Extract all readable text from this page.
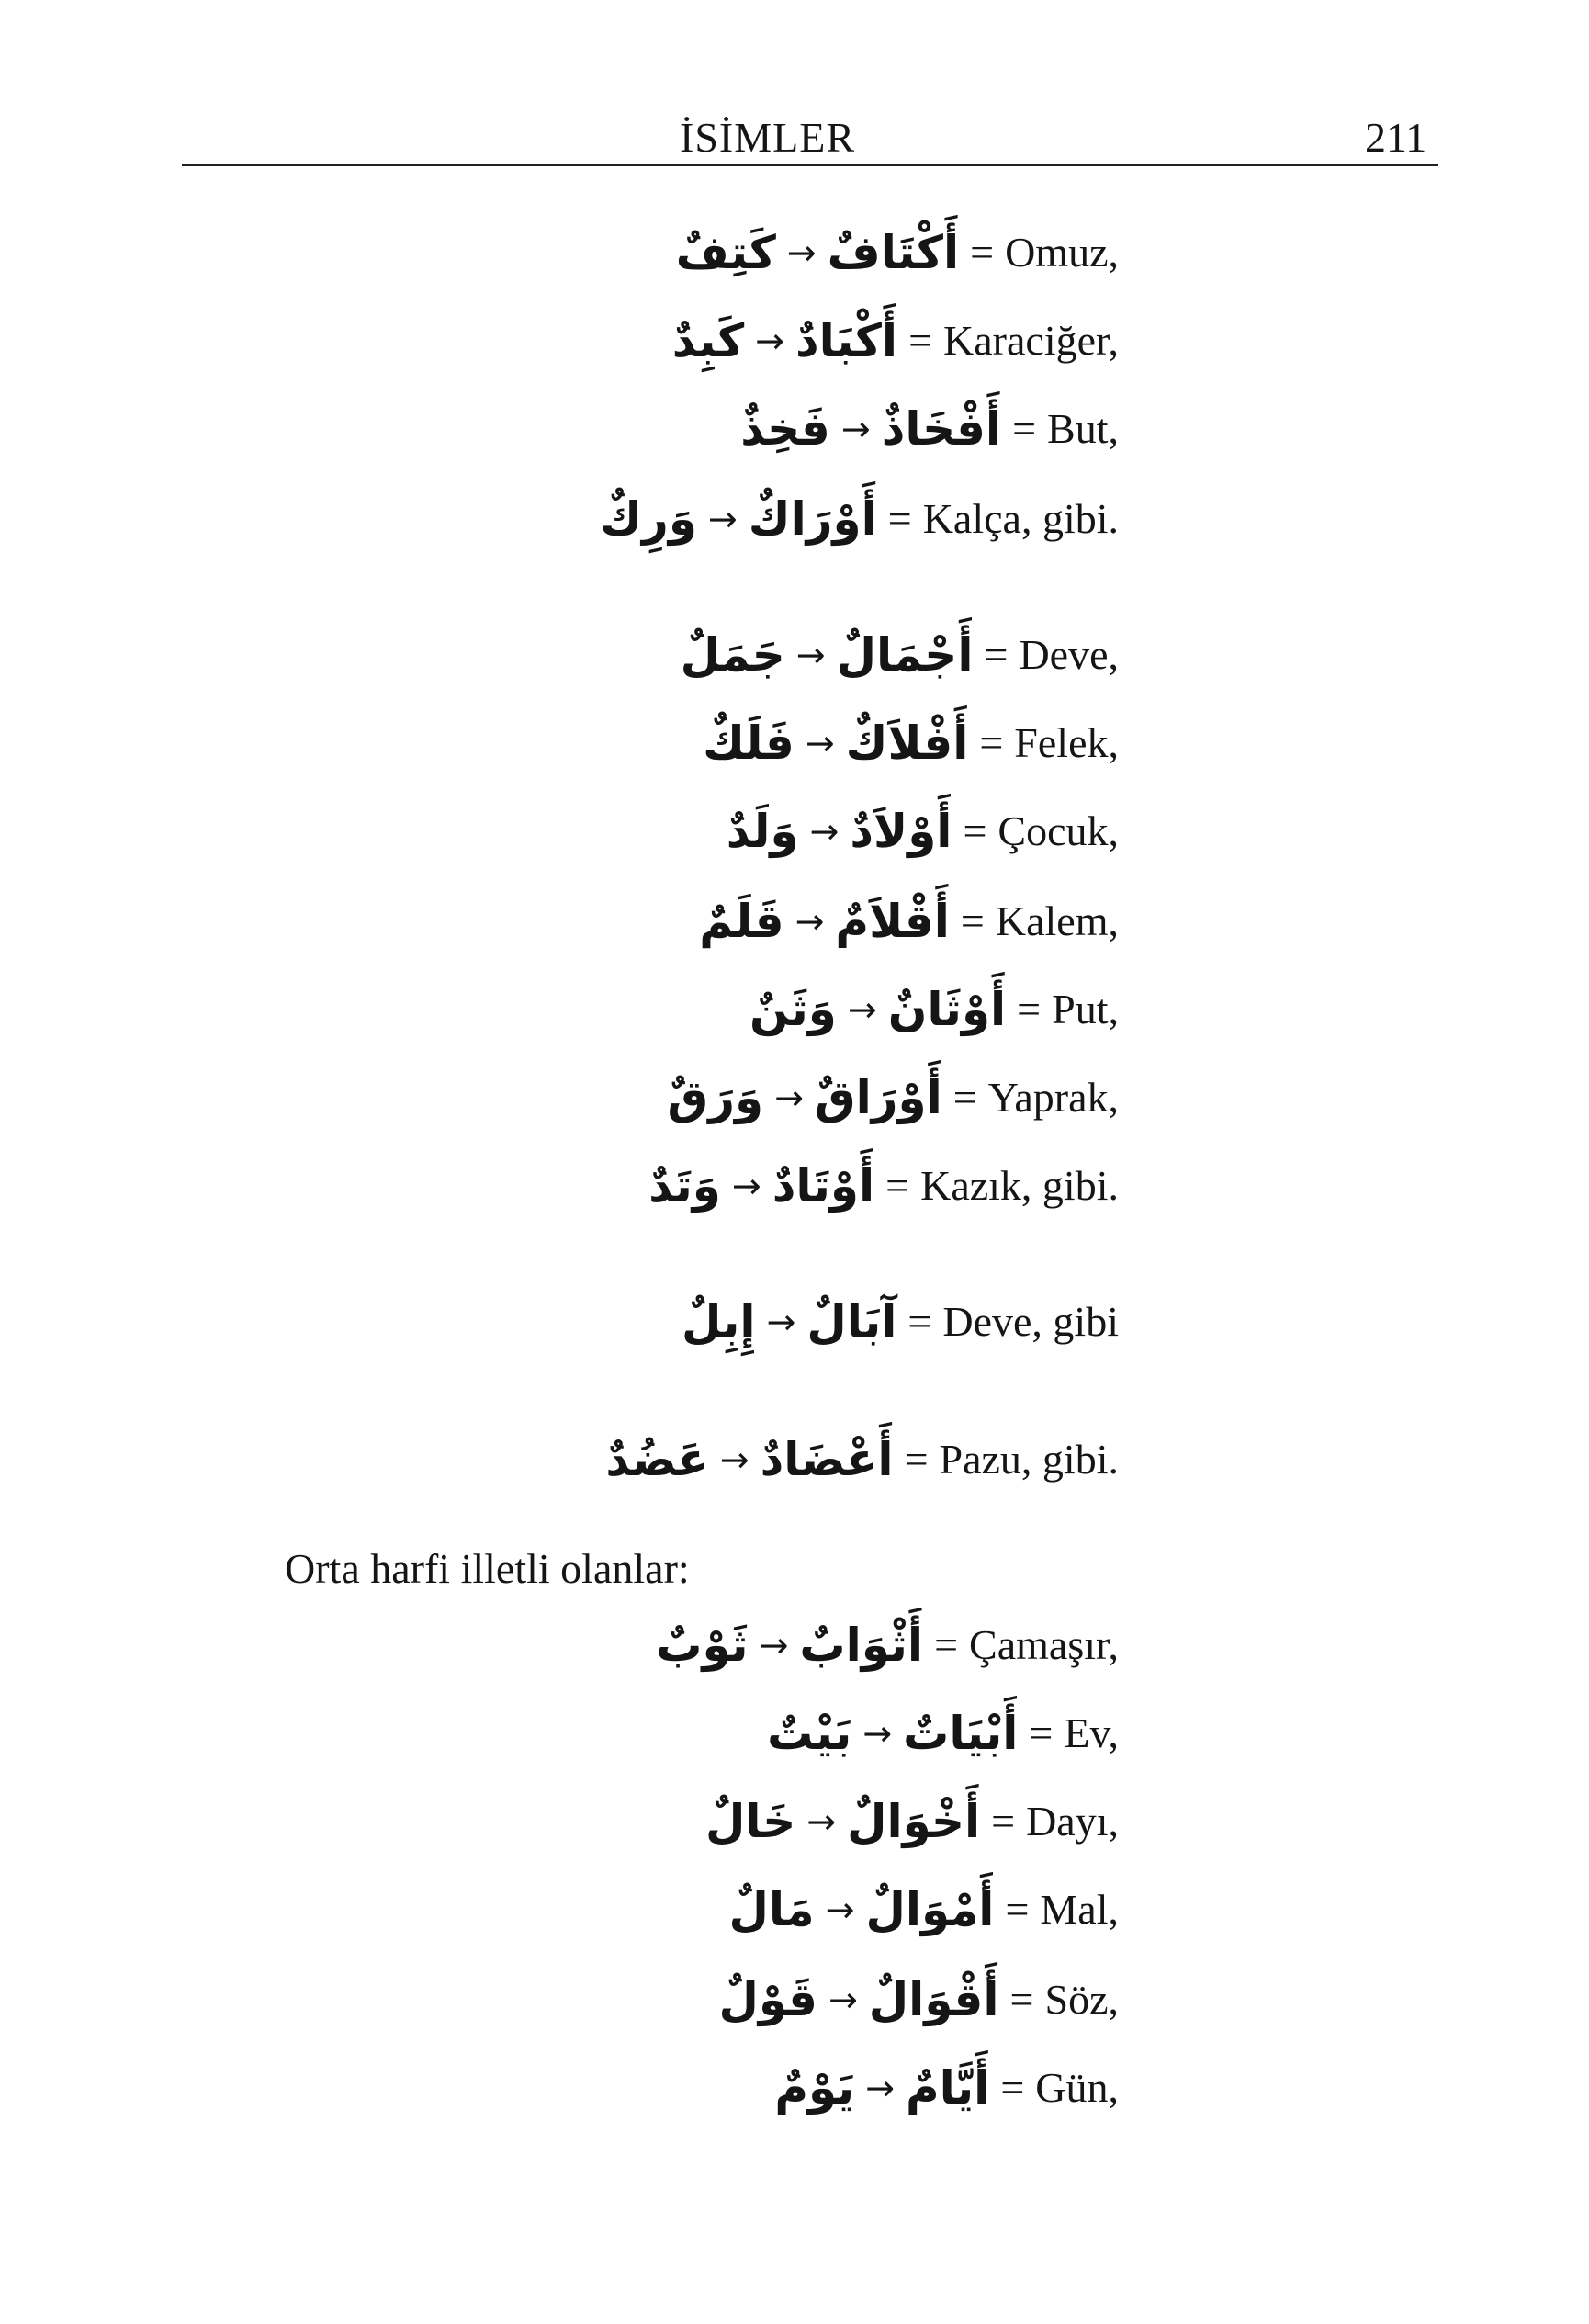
İSİMLER	211
كَتِفٌ → أَكْتَافٌ = Omuz,
كَبِدٌ → أَكْبَادٌ = Karaciğer,
فَخِذٌ → أَفْخَاذٌ = But,
وَرِكٌ → أَوْرَاكٌ = Kalça, gibi.
جَمَلٌ → أَجْمَالٌ = Deve,
فَلَكٌ → أَفْلاَكٌ = Felek,
وَلَدٌ → أَوْلاَدٌ = Çocuk,
قَلَمٌ → أَقْلاَمٌ = Kalem,
وَثَنٌ → أَوْثَانٌ = Put,
وَرَقٌ → أَوْرَاقٌ = Yaprak,
وَتَدٌ → أَوْتَادٌ = Kazık, gibi.
إِبِلٌ → آبَالٌ = Deve, gibi
عَضُدٌ → أَعْضَادٌ = Pazu, gibi.
Orta harfi illetli olanlar:
ثَوْبٌ → أَثْوَابٌ = Çamaşır,
بَيْتٌ → أَبْيَاتٌ = Ev,
خَالٌ → أَخْوَالٌ = Dayı,
مَالٌ → أَمْوَالٌ = Mal,
قَوْلٌ → أَقْوَالٌ = Söz,
يَوْمٌ → أَيَّامٌ = Gün,
